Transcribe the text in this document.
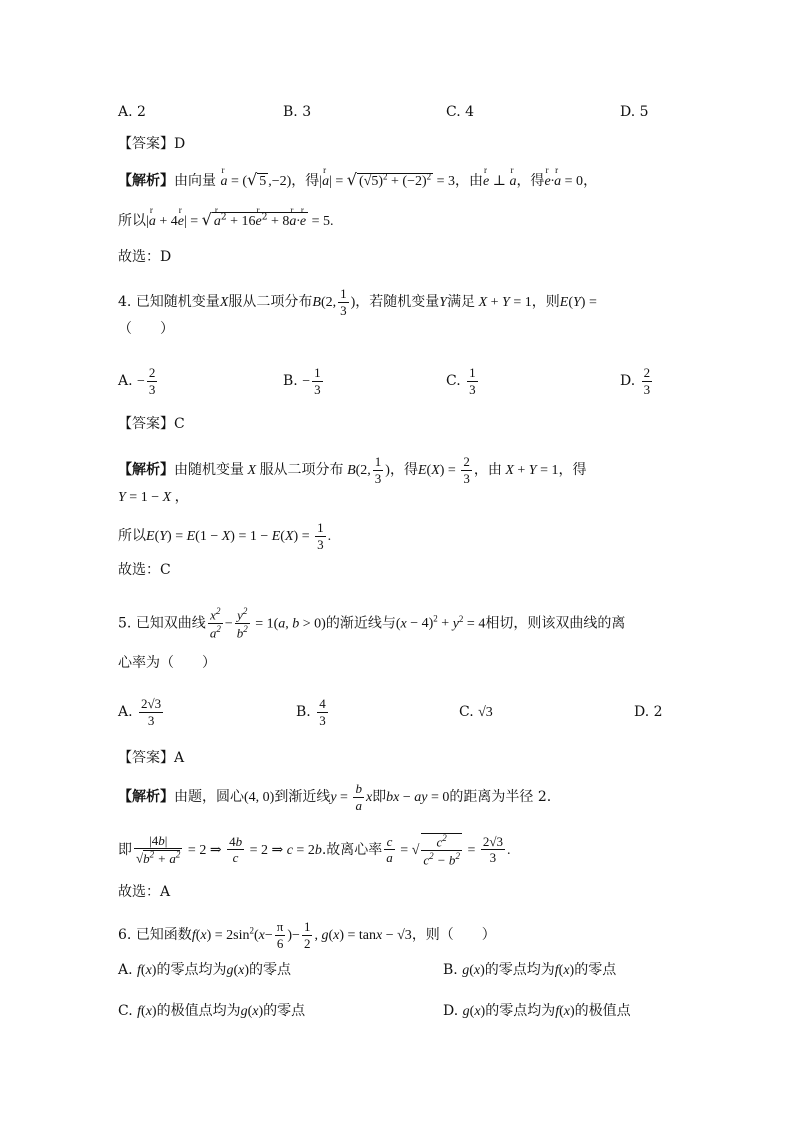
A. 2	B. 3	C. 4	D. 5
【答案】D
【解析】由向量 r a = (√ 5 ,−2)，得|r a| = √ $(√5)^2 + (-2)^2 = 3$，由r e ⊥ r a，得r e·r a = 0，
所以|r a + 4r e| = √ r $a^2 + 16r$ $e^2 + 8r$ a·r e = 5.
故选：D
4. 已知随机变量X服从二项分布B(2, $\frac{1}{3}$ )，若随机变量Y满足 X + Y = 1，则E(Y) =
（　　）
A. − $\frac{2}{3}$	B. − $\frac{1}{3}$	C. $\frac{1}{3}$	D. $\frac{2}{3}$
【答案】C
【解析】由随机变量 X 服从二项分布 B(2, $\frac{1}{3}$ )，得$E(X) = \frac{2}{3}$ ，由 X + Y = 1，得
Y = 1 − X ，
所以$E(Y) = E(1 - X) = 1 - E(X) = \frac{1}{3}$ .
故选：C
5. 已知双曲线 $\frac{x^2}{a^2} - \frac{y^2}{b^2} = 1(a$, b > 0)的渐近线与$(x - 4)^2 + y^2 = 4$相切，则该双曲线的离
心率为（　　）
A. $\frac{2√3}{3}$	B. $\frac{4}{3}$	C. √3	D. 2
【答案】A
【解析】由题，圆心(4, 0)到渐近线$y = \frac{b}{a}$ x即bx − ay = 0的距离为半径 2.
即 $\frac{|4b|}{√b^2 + a^2} = 2$ ⇒ $\frac{4b}{c} = 2$ ⇒ c = 2b.故离心率 $\frac{c}{a}$ = √ $\frac{c^2}{c^2 - b^2} = \frac{2√3}{3}$ .
故选：A
6. 已知函数$f(x) = 2\sin^2(x- \frac{\pi}{6}$ )− $\frac{1}{2}$ , g(x) = tanx − √3，则（　　）
A. f(x)的零点均为g(x)的零点	B. g(x)的零点均为f(x)的零点
C. f(x)的极值点均为g(x)的零点	D. g(x)的零点均为f(x)的极值点
